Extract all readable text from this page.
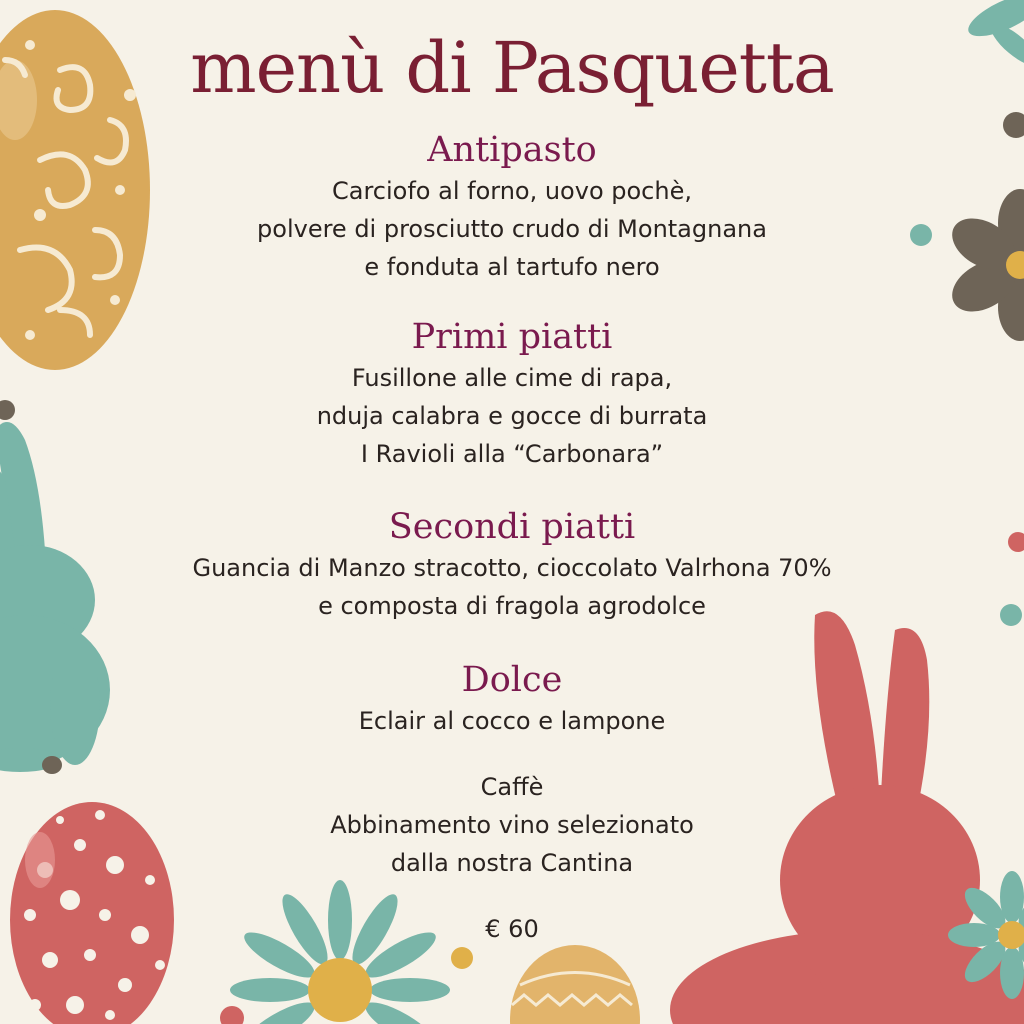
menù di Pasquetta
Antipasto
Carciofo al forno, uovo pochè,
polvere di prosciutto crudo di Montagnana
e fonduta al tartufo nero
Primi piatti
Fusillone alle cime di rapa,
nduja calabra e gocce di burrata
I Ravioli alla “Carbonara”
Secondi piatti
Guancia di Manzo stracotto, cioccolato Valrhona 70%
e composta di fragola agrodolce
Dolce
Eclair al cocco e lampone
Caffè
Abbinamento vino selezionato
dalla nostra Cantina
€ 60
